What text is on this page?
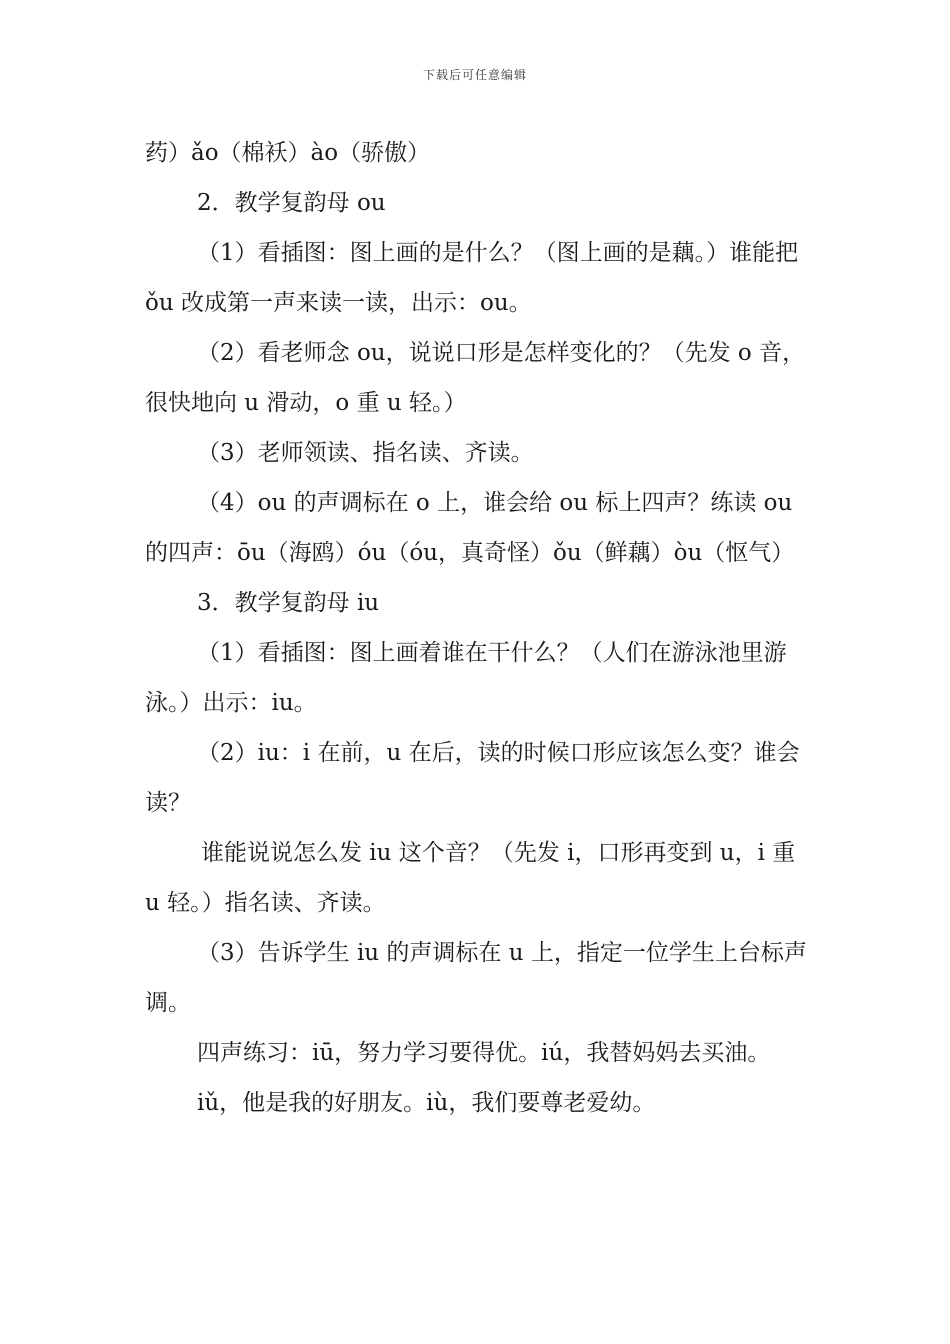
下载后可任意编辑

药）ǎo（棉袄）ào（骄傲）

2．教学复韵母 ou

（1）看插图：图上画的是什么？（图上画的是藕。）谁能把 ǒu 改成第一声来读一读，出示：ou。

（2）看老师念 ou，说说口形是怎样变化的？（先发 o 音，很快地向 u 滑动，o 重 u 轻。）

（3）老师领读、指名读、齐读。

（4）ou 的声调标在 o 上，谁会给 ou 标上四声？练读 ou 的四声：ōu（海鸥）óu（óu，真奇怪）ǒu（鲜藕）òu（怄气）

3．教学复韵母 iu

（1）看插图：图上画着谁在干什么？（人们在游泳池里游泳。）出示：iu。

（2）iu：i 在前，u 在后，读的时候口形应该怎么变？谁会读？

谁能说说怎么发 iu 这个音？（先发 i，口形再变到 u，i 重 u 轻。）指名读、齐读。

（3）告诉学生 iu 的声调标在 u 上，指定一位学生上台标声调。

四声练习：iū，努力学习要得优。iú，我替妈妈去买油。

iǔ，他是我的好朋友。iù，我们要尊老爱幼。
